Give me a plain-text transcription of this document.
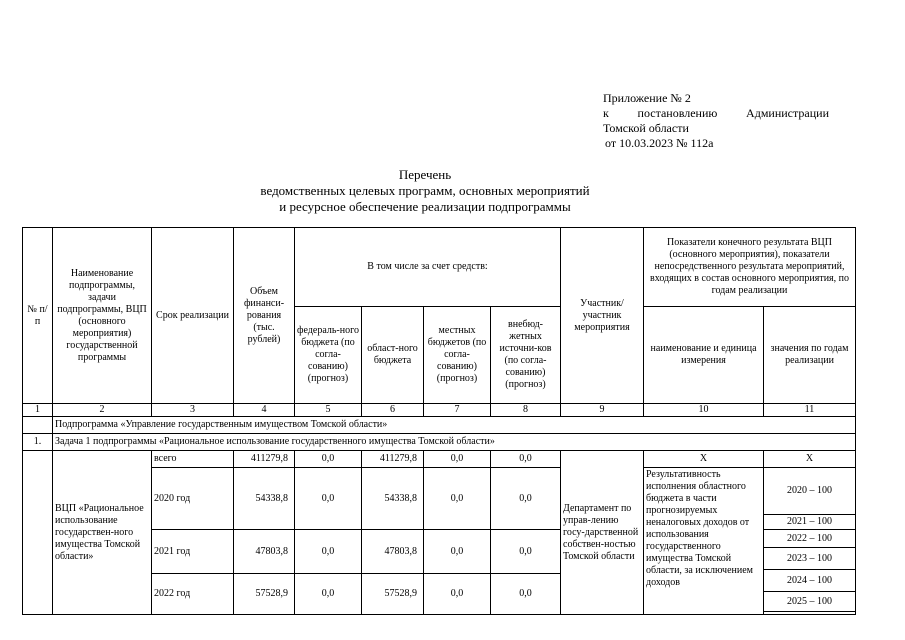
Приложение № 2
к постановлению Администрации
Томской области
от 10.03.2023 № 112а
Перечень
ведомственных целевых программ, основных мероприятий
и ресурсное обеспечение реализации подпрограммы
№ п/п	Наименование подпрограммы, задачи подпрограммы, ВЦП (основного мероприятия) государственной программы	Срок реализации	Объем финанси-рования (тыс. рублей)	В том числе за счет средств:				Участник/ участник мероприятия	Показатели конечного результата ВЦП (основного мероприятия), показатели непосредственного результата мероприятий, входящих в состав основного мероприятия, по годам реализации	
				федераль-ного бюджета (по согла-сованию) (прогноз)	област-ного бюджета	местных бюджетов (по согла-сованию) (прогноз)	внебюд-жетных источни-ков (по согла-сованию) (прогноз)		наименование и единица измерения	значения по годам реализации
1	2	3	4	5	6	7	8	9	10	11
	Подпрограмма «Управление государственным имуществом Томской области»									
1.	Задача 1 подпрограммы «Рациональное использование государственного имущества Томской области»									
	ВЦП «Рациональное использование государствен-ного имущества Томской области»	всего	411279,8	0,0	411279,8	0,0	0,0	Департамент по управ-лению госу-дарственной собствен-ностью Томской области	X	X
		2020 год	54338,8	0,0	54338,8	0,0	0,0		Результативность исполнения областного бюджета в части прогнозируемых неналоговых доходов от использования государственного имущества Томской области, за исключением доходов	2020 – 100
										2021 – 100
		2021 год	47803,8	0,0	47803,8	0,0	0,0			2022 – 100
										2023 – 100
										2024 – 100
		2022 год	57528,9	0,0	57528,9	0,0	0,0			
										2025 – 100
